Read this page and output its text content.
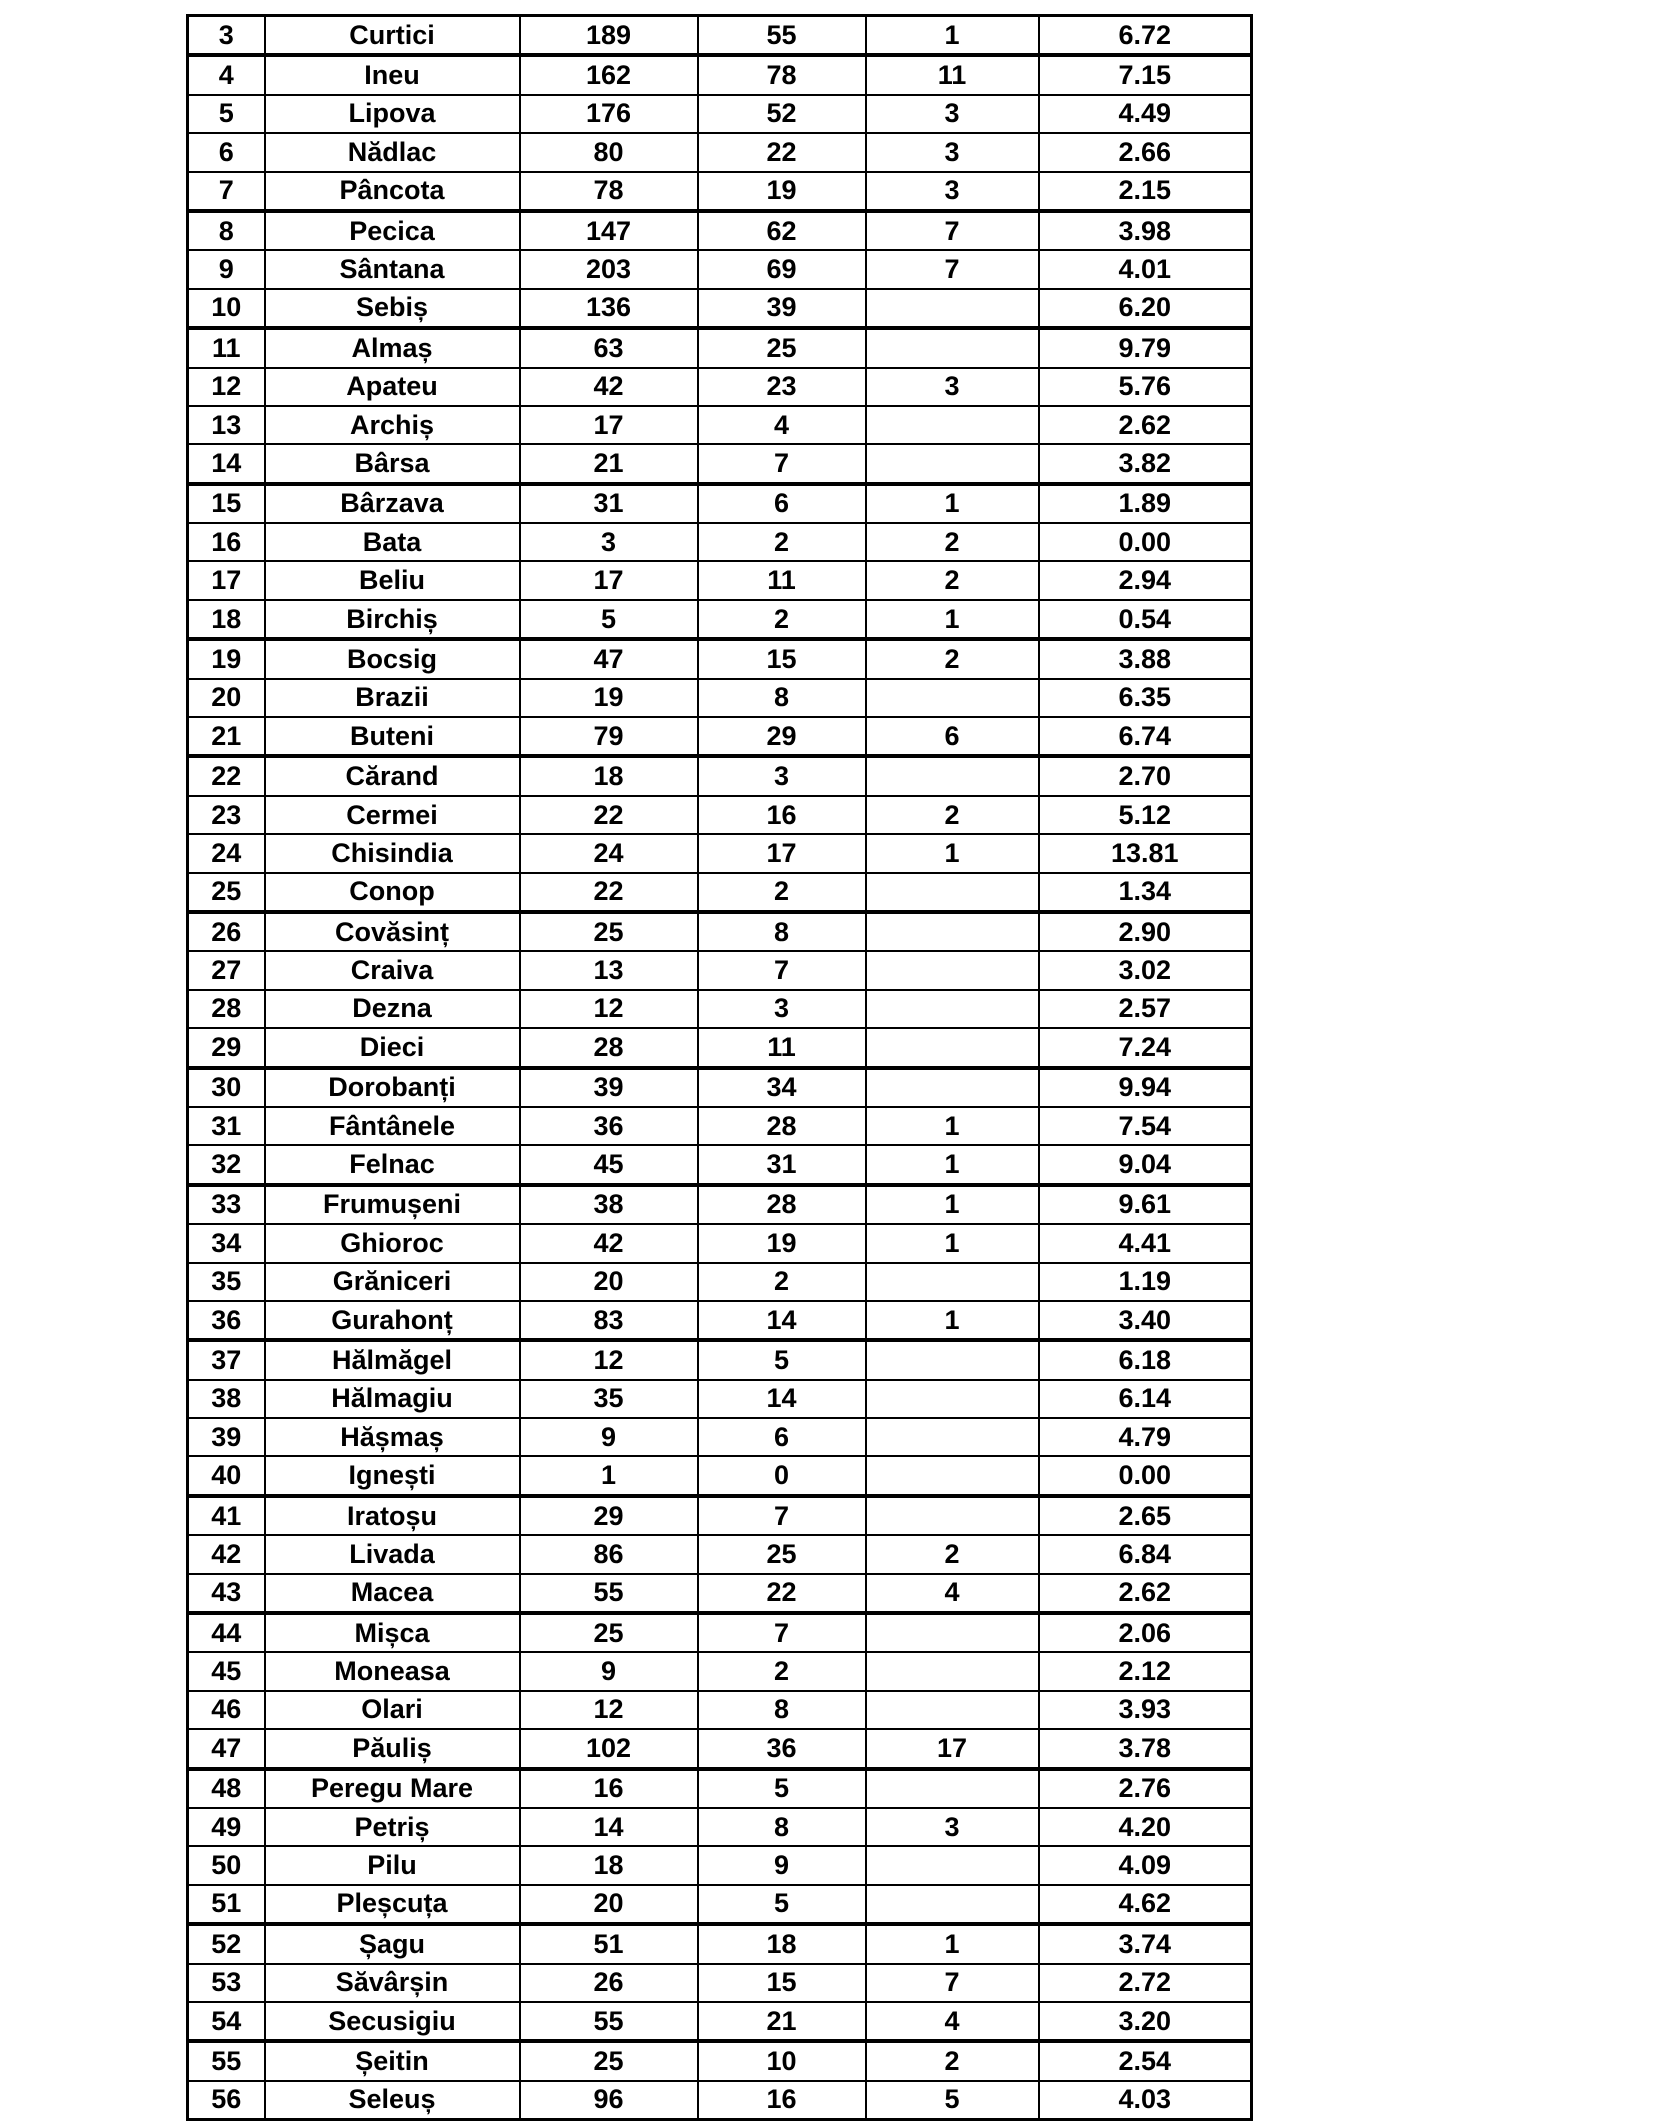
3	Curtici	189	55	1	6.72
4	Ineu	162	78	11	7.15
5	Lipova	176	52	3	4.49
6	Nădlac	80	22	3	2.66
7	Pâncota	78	19	3	2.15
8	Pecica	147	62	7	3.98
9	Sântana	203	69	7	4.01
10	Sebiș	136	39		6.20
11	Almaș	63	25		9.79
12	Apateu	42	23	3	5.76
13	Archiș	17	4		2.62
14	Bârsa	21	7		3.82
15	Bârzava	31	6	1	1.89
16	Bata	3	2	2	0.00
17	Beliu	17	11	2	2.94
18	Birchiș	5	2	1	0.54
19	Bocsig	47	15	2	3.88
20	Brazii	19	8		6.35
21	Buteni	79	29	6	6.74
22	Cărand	18	3		2.70
23	Cermei	22	16	2	5.12
24	Chisindia	24	17	1	13.81
25	Conop	22	2		1.34
26	Covăsinț	25	8		2.90
27	Craiva	13	7		3.02
28	Dezna	12	3		2.57
29	Dieci	28	11		7.24
30	Dorobanți	39	34		9.94
31	Fântânele	36	28	1	7.54
32	Felnac	45	31	1	9.04
33	Frumușeni	38	28	1	9.61
34	Ghioroc	42	19	1	4.41
35	Grăniceri	20	2		1.19
36	Gurahonț	83	14	1	3.40
37	Hălmăgel	12	5		6.18
38	Hălmagiu	35	14		6.14
39	Hășmaș	9	6		4.79
40	Ignești	1	0		0.00
41	Iratoșu	29	7		2.65
42	Livada	86	25	2	6.84
43	Macea	55	22	4	2.62
44	Mișca	25	7		2.06
45	Moneasa	9	2		2.12
46	Olari	12	8		3.93
47	Păuliș	102	36	17	3.78
48	Peregu Mare	16	5		2.76
49	Petriș	14	8	3	4.20
50	Pilu	18	9		4.09
51	Pleșcuța	20	5		4.62
52	Șagu	51	18	1	3.74
53	Săvârșin	26	15	7	2.72
54	Secusigiu	55	21	4	3.20
55	Șeitin	25	10	2	2.54
56	Seleuș	96	16	5	4.03
